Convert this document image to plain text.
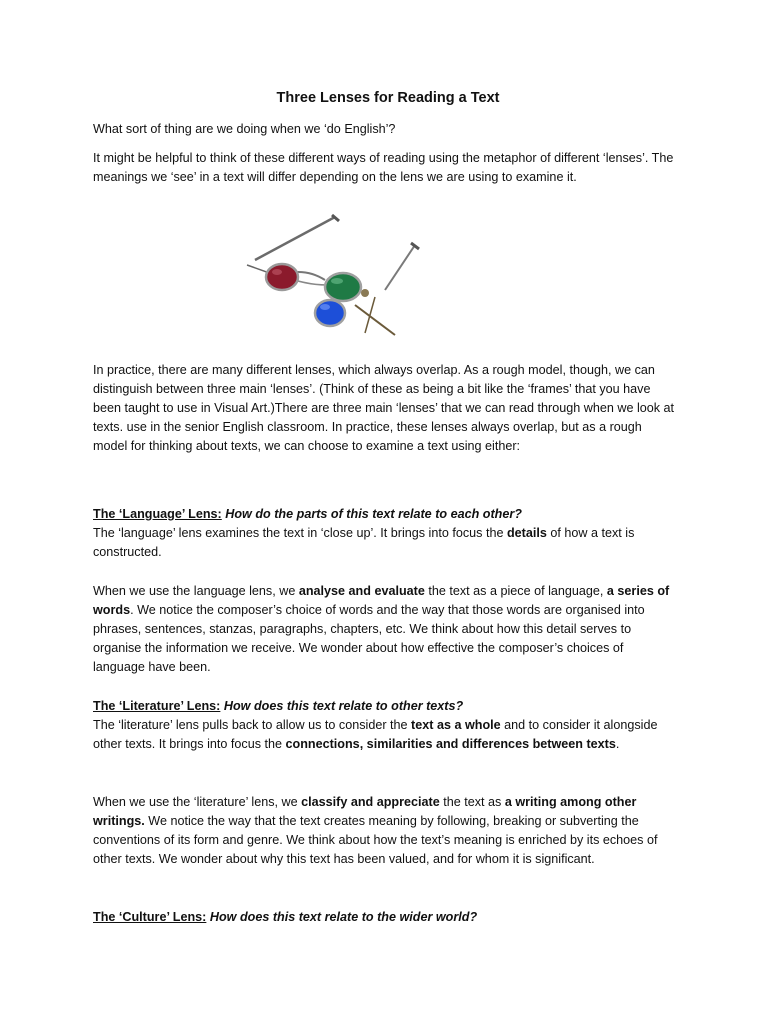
Three Lenses for Reading a Text

What sort of thing are we doing when we ‘do English’?

It might be helpful to think of these different ways of reading using the metaphor of different ‘lenses’. The meanings we ‘see’ in a text will differ depending on the lens we are using to examine it.

In practice, there are many different lenses, which always overlap. As a rough model, though, we can distinguish between three main ‘lenses’. (Think of these as being a bit like the ‘frames’ that you have been taught to use in Visual Art.)There are three main ‘lenses’ that we can read through when we look at texts. use in the senior English classroom. In practice, these lenses always overlap, but as a rough model for thinking about texts, we can choose to examine a text using either:

The ‘Language’ Lens: How do the parts of this text relate to each other?
The ‘language’ lens examines the text in ‘close up’. It brings into focus the details of how a text is constructed.

When we use the language lens, we analyse and evaluate the text as a piece of language, a series of words. We notice the composer’s choice of words and the way that those words are organised into phrases, sentences, stanzas, paragraphs, chapters, etc. We think about how this detail serves to organise the information we receive. We wonder about how effective the composer’s choices of language have been.

The ‘Literature’ Lens: How does this text relate to other texts?
The ‘literature’ lens pulls back to allow us to consider the text as a whole and to consider it alongside other texts. It brings into focus the connections, similarities and differences between texts.

When we use the ‘literature’ lens, we classify and appreciate the text as a writing among other writings. We notice the way that the text creates meaning by following, breaking or subverting the conventions of its form and genre. We think about how the text’s meaning is enriched by its echoes of other texts. We wonder about why this text has been valued, and for whom it is significant.

The ‘Culture’ Lens: How does this text relate to the wider world?
